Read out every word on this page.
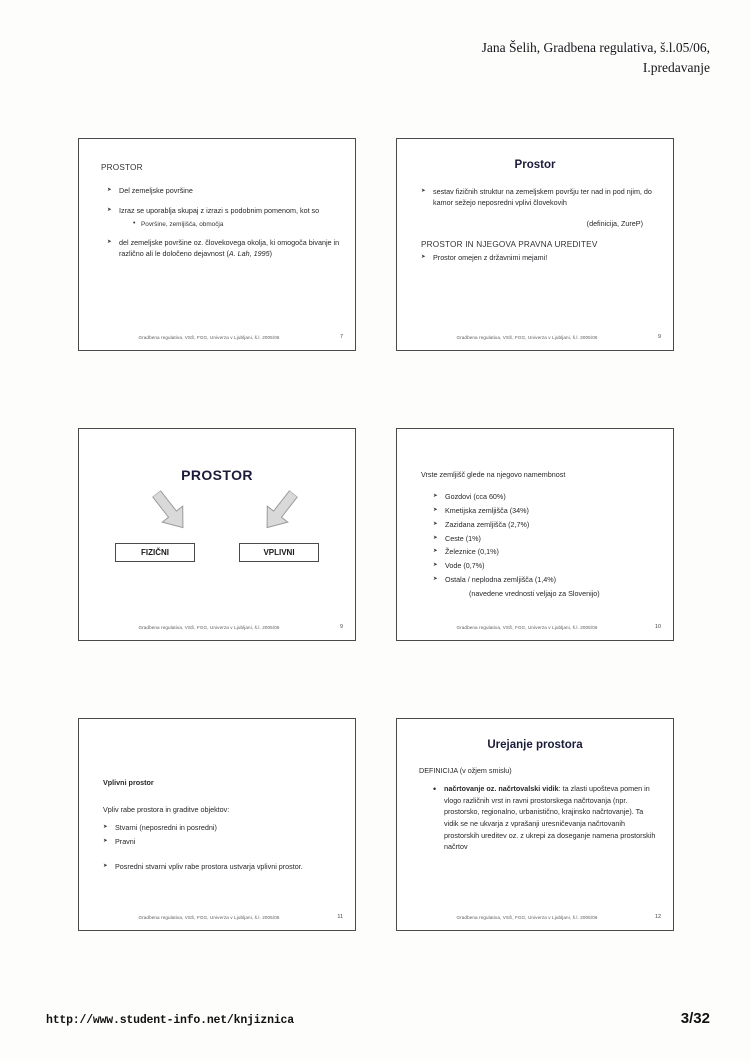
Jana Šelih, Gradbena regulativa, š.l.05/06,
I.predavanje
PROSTOR
➤ Del zemeljske površine
➤ Izraz se uporablja skupaj z izrazi s podobnim pomenom, kot so
• Površine, zemljišča, območja
➤ del zemeljske površine oz. človekovega okolja, ki omogoča bivanje in različno ali le določeno dejavnost (A. Lah, 1995)
Gradbena regulativa, VSŠ, FGG, Univerza v Ljubljani, š.l. 2005/06	7
Prostor
➤ sestav fizičnih struktur na zemeljskem površju ter nad in pod njim, do kamor sežejo neposredni vplivi človekovih
(definicija, ZureP)
PROSTOR IN NJEGOVA PRAVNA UREDITEV
➤ Prostor omejen z državnimi mejami!
Gradbena regulativa, VSŠ, FGG, Univerza v Ljubljani, š.l. 2005/06	9
PROSTOR
FIZIČNI	VPLIVNI
Gradbena regulativa, VSŠ, FGG, Univerza v Ljubljani, š.l. 2005/06	9
Vrste zemljišč glede na njegovo namembnost
➤ Gozdovi (cca 60%)
➤ Kmetijska zemljišča (34%)
➤ Zazidana zemljišča (2,7%)
➤ Ceste (1%)
➤ Železnice (0,1%)
➤ Vode (0,7%)
➤ Ostala / neplodna zemljišča (1,4%)
(navedene vrednosti veljajo za Slovenijo)
Gradbena regulativa, VSŠ, FGG, Univerza v Ljubljani, š.l. 2005/06	10
Vplivni prostor
Vpliv rabe prostora in graditve objektov:
➤ Stvarni (neposredni in posredni)
➤ Pravni
➤ Posredni stvarni vpliv rabe prostora ustvarja vplivni prostor.
Gradbena regulativa, VSŠ, FGG, Univerza v Ljubljani, š.l. 2005/06	11
Urejanje prostora
DEFINICIJA (v ožjem smislu)
• načrtovanje oz. načrtovalski vidik: ta zlasti upošteva pomen in vlogo različnih vrst in ravni prostorskega načrtovanja (npr. prostorsko, regionalno, urbanistično, krajinsko načrtovanje). Ta vidik se ne ukvarja z vprašanji uresničevanja načrtovanih prostorskih ureditev oz. z ukrepi za doseganje namena prostorskih načrtov
Gradbena regulativa, VSŠ, FGG, Univerza v Ljubljani, š.l. 2005/06	12
http://www.student-info.net/knjiznica	3/32
